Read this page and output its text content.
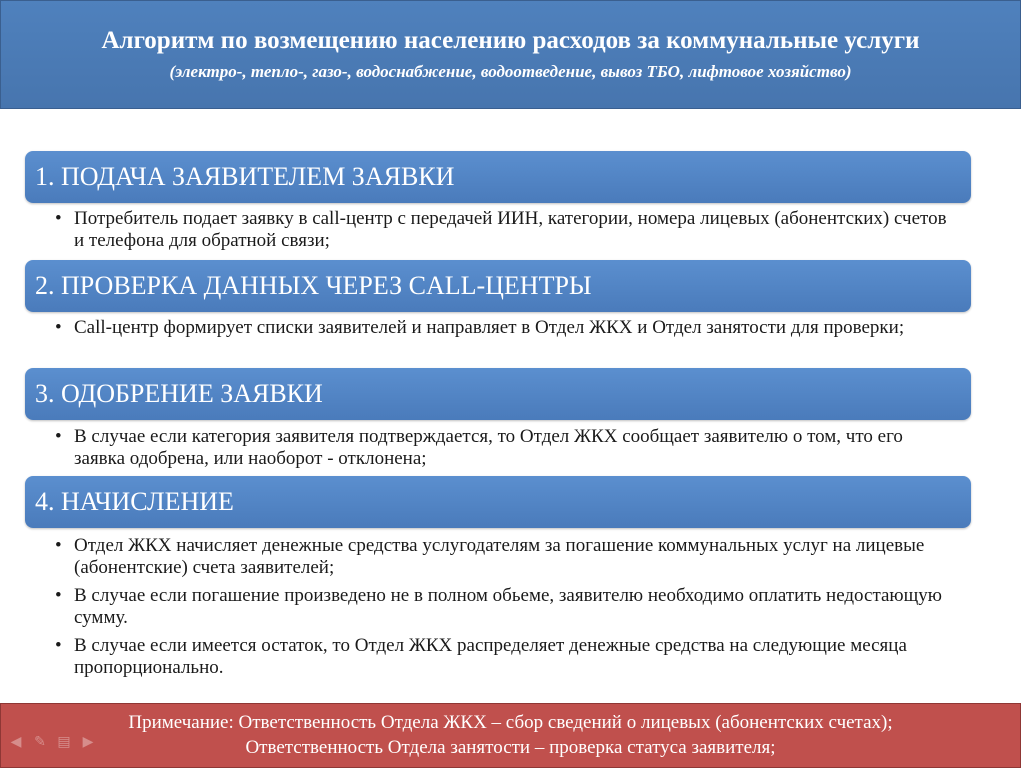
Алгоритм по возмещению населению расходов за коммунальные услуги
(электро-, тепло-, газо-, водоснабжение, водоотведение, вывоз ТБО, лифтовое хозяйство)
1. ПОДАЧА ЗАЯВИТЕЛЕМ ЗАЯВКИ
• Потребитель подает заявку в call-центр с передачей ИИН, категории, номера лицевых (абонентских) счетов и телефона для обратной связи;
2. ПРОВЕРКА ДАННЫХ ЧЕРЕЗ CALL-ЦЕНТРЫ
• Call-центр формирует списки заявителей и направляет в Отдел ЖКХ и Отдел занятости для проверки;
3. ОДОБРЕНИЕ ЗАЯВКИ
• В случае если категория заявителя подтверждается, то Отдел ЖКХ сообщает заявителю о том, что его заявка одобрена, или наоборот - отклонена;
4. НАЧИСЛЕНИЕ
• Отдел ЖКХ начисляет денежные средства услугодателям за погашение коммунальных услуг на лицевые (абонентские) счета заявителей;
• В случае если погашение произведено не в полном обьеме, заявителю необходимо оплатить недостающую сумму.
• В случае если имеется остаток, то Отдел ЖКХ распределяет денежные средства на следующие месяца пропорционально.
Примечание: Ответственность Отдела ЖКХ – сбор сведений о лицевых (абонентских счетах);
Ответственность Отдела занятости – проверка статуса заявителя;
◀ ✎ ▤ ▶
